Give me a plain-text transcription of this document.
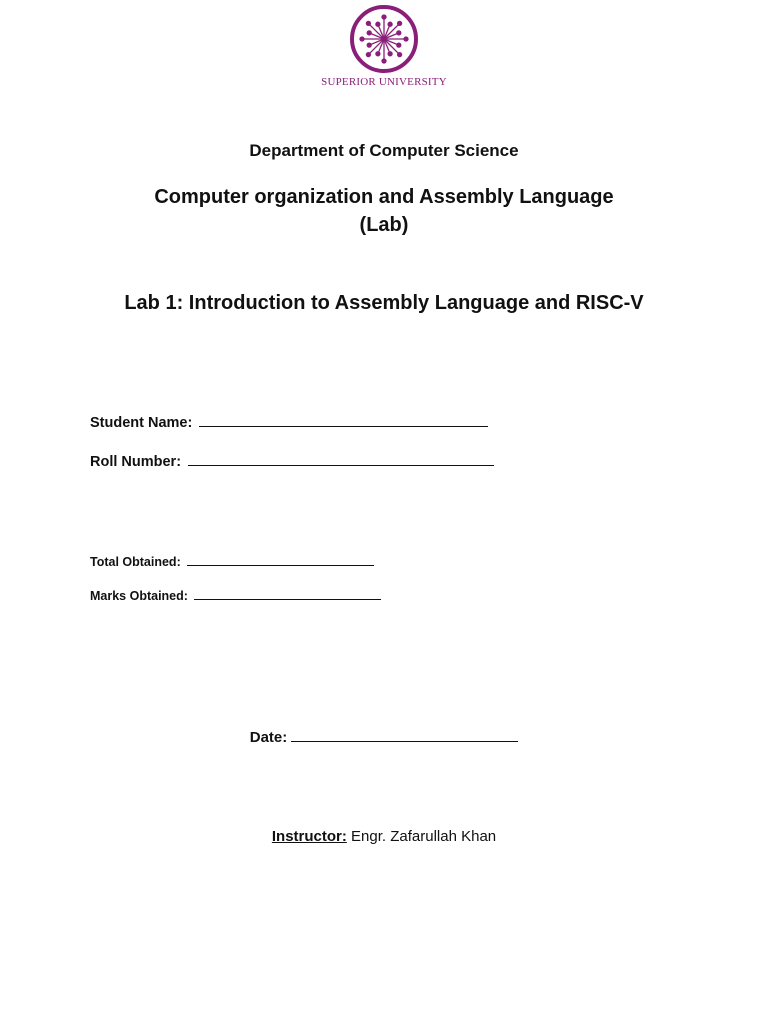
SUPERIOR UNIVERSITY
Department of Computer Science
Computer organization and Assembly Language
(Lab)
Lab 1: Introduction to Assembly Language and RISC-V
Student Name:
Roll Number:
Total Obtained:
Marks Obtained:
Date:
Instructor: Engr. Zafarullah Khan
